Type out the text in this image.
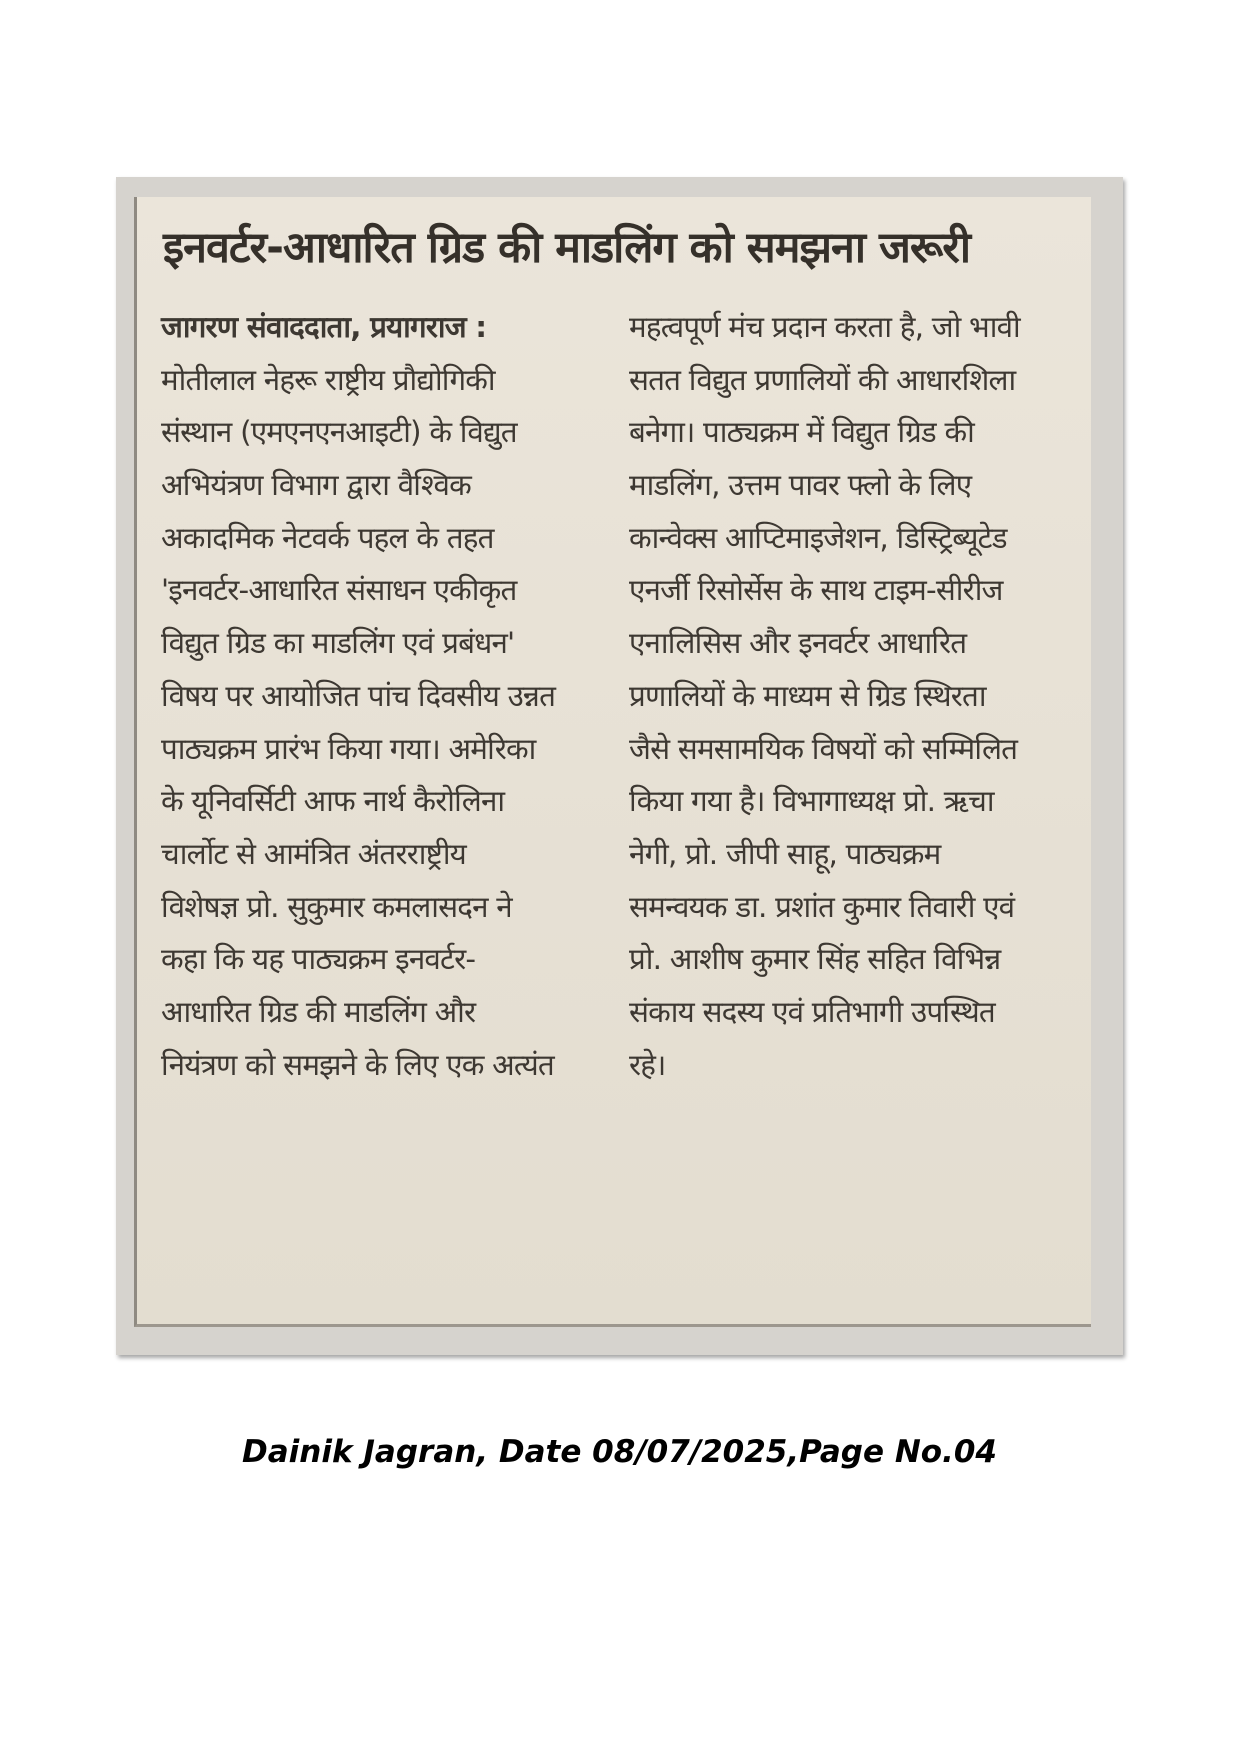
इनवर्टर-आधारित ग्रिड की माडलिंग को समझना जरूरी
जागरण संवाददाता, प्रयागराज :
मोतीलाल नेहरू राष्ट्रीय प्रौद्योगिकी
संस्थान (एमएनएनआइटी) के विद्युत
अभियंत्रण विभाग द्वारा वैश्विक
अकादमिक नेटवर्क पहल के तहत
'इनवर्टर-आधारित संसाधन एकीकृत
विद्युत ग्रिड का माडलिंग एवं प्रबंधन'
विषय पर आयोजित पांच दिवसीय उन्नत
पाठ्यक्रम प्रारंभ किया गया। अमेरिका
के यूनिवर्सिटी आफ नार्थ कैरोलिना
चार्लोट से आमंत्रित अंतरराष्ट्रीय
विशेषज्ञ प्रो. सुकुमार कमलासदन ने
कहा कि यह पाठ्यक्रम इनवर्टर-
आधारित ग्रिड की माडलिंग और
नियंत्रण को समझने के लिए एक अत्यंत
महत्वपूर्ण मंच प्रदान करता है, जो भावी
सतत विद्युत प्रणालियों की आधारशिला
बनेगा। पाठ्यक्रम में विद्युत ग्रिड की
माडलिंग, उत्तम पावर फ्लो के लिए
कान्वेक्स आप्टिमाइजेशन, डिस्ट्रिब्यूटेड
एनर्जी रिसोर्सेस के साथ टाइम-सीरीज
एनालिसिस और इनवर्टर आधारित
प्रणालियों के माध्यम से ग्रिड स्थिरता
जैसे समसामयिक विषयों को सम्मिलित
किया गया है। विभागाध्यक्ष प्रो. ऋचा
नेगी, प्रो. जीपी साहू, पाठ्यक्रम
समन्वयक डा. प्रशांत कुमार तिवारी एवं
प्रो. आशीष कुमार सिंह सहित विभिन्न
संकाय सदस्य एवं प्रतिभागी उपस्थित
रहे।

Dainik Jagran, Date 08/07/2025,Page No.04
